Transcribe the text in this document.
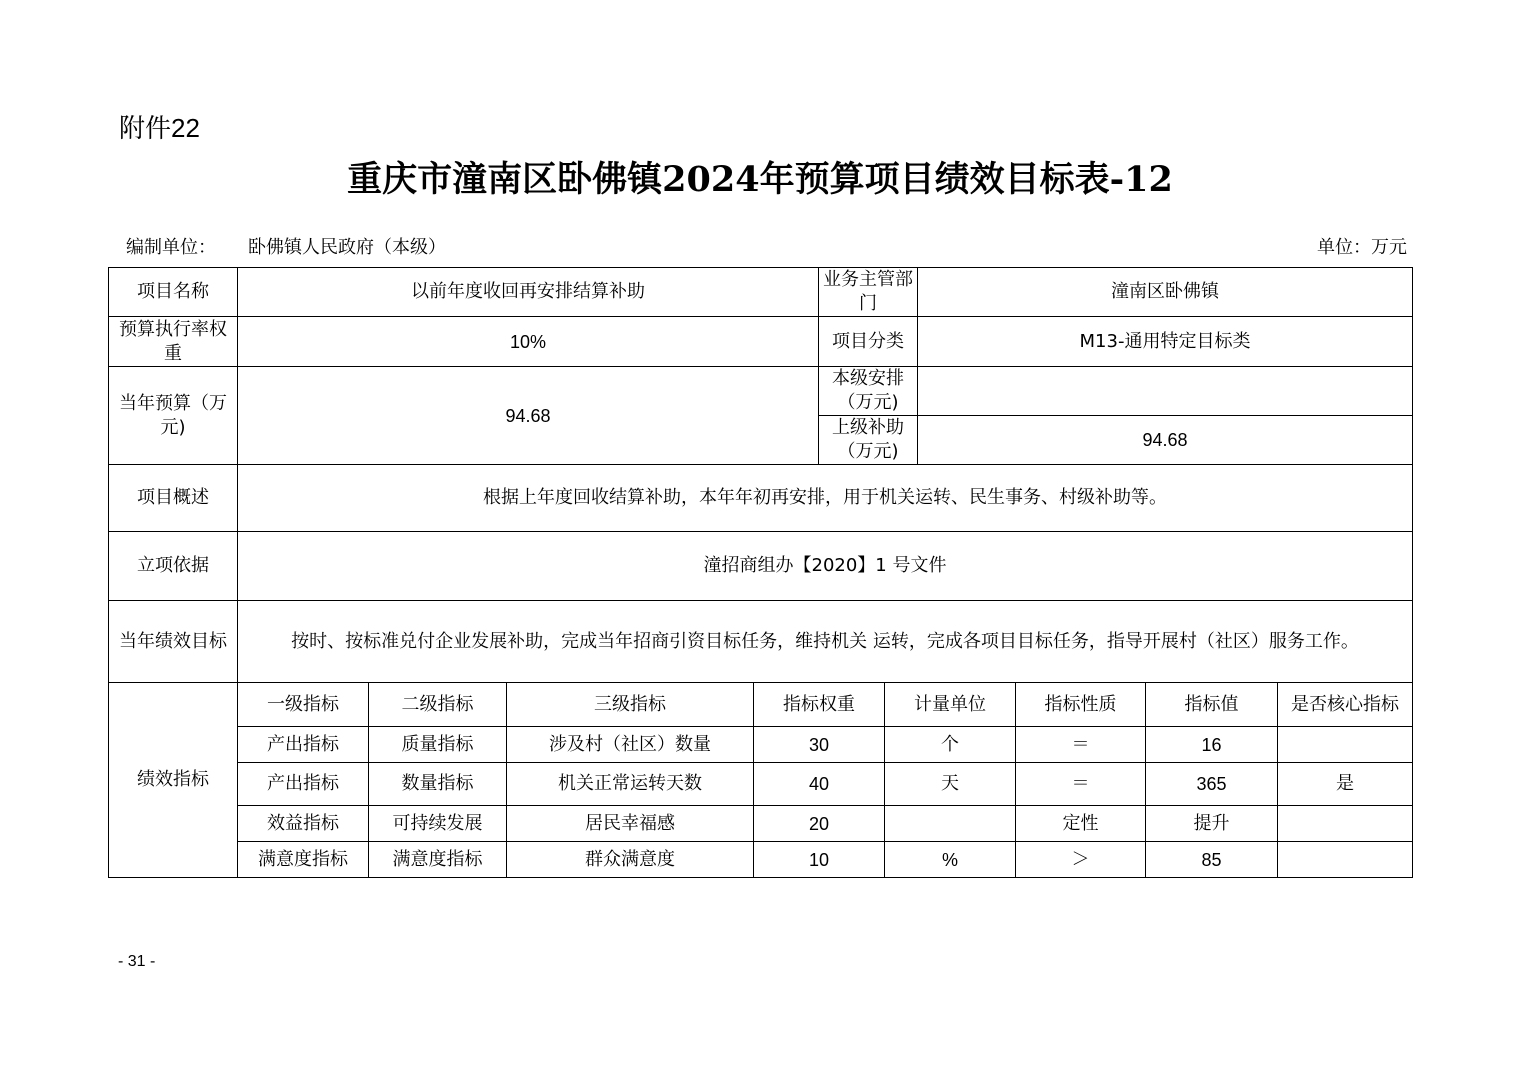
附件22
重庆市潼南区卧佛镇2024年预算项目绩效目标表-12
编制单位： 卧佛镇人民政府（本级）	单位：万元
项目名称	以前年度收回再安排结算补助				业务主管部门		潼南区卧佛镇			
预算执行率权重	10%				项目分类		M13-通用特定目标类			
当年预算（万元)	94.68				本级安排（万元)					
					上级补助（万元)		94.68			
项目概述	根据上年度回收结算补助，本年年初再安排，用于机关运转、民生事务、村级补助等。									
立项依据	潼招商组办【2020】1 号文件									
当年绩效目标	按时、按标准兑付企业发展补助，完成当年招商引资目标任务，维持机关 运转，完成各项目目标任务，指导开展村（社区）服务工作。									
绩效指标	一级指标	二级指标	三级指标	指标权重		计量单位		指标性质	指标值	是否核心指标
	产出指标	质量指标	涉及村（社区）数量	30		个		＝	16	
	产出指标	数量指标	机关正常运转天数	40		天		＝	365	是
	效益指标	可持续发展	居民幸福感	20				定性	提升	
	满意度指标	满意度指标	群众满意度	10		%		＞	85	
- 31 -
